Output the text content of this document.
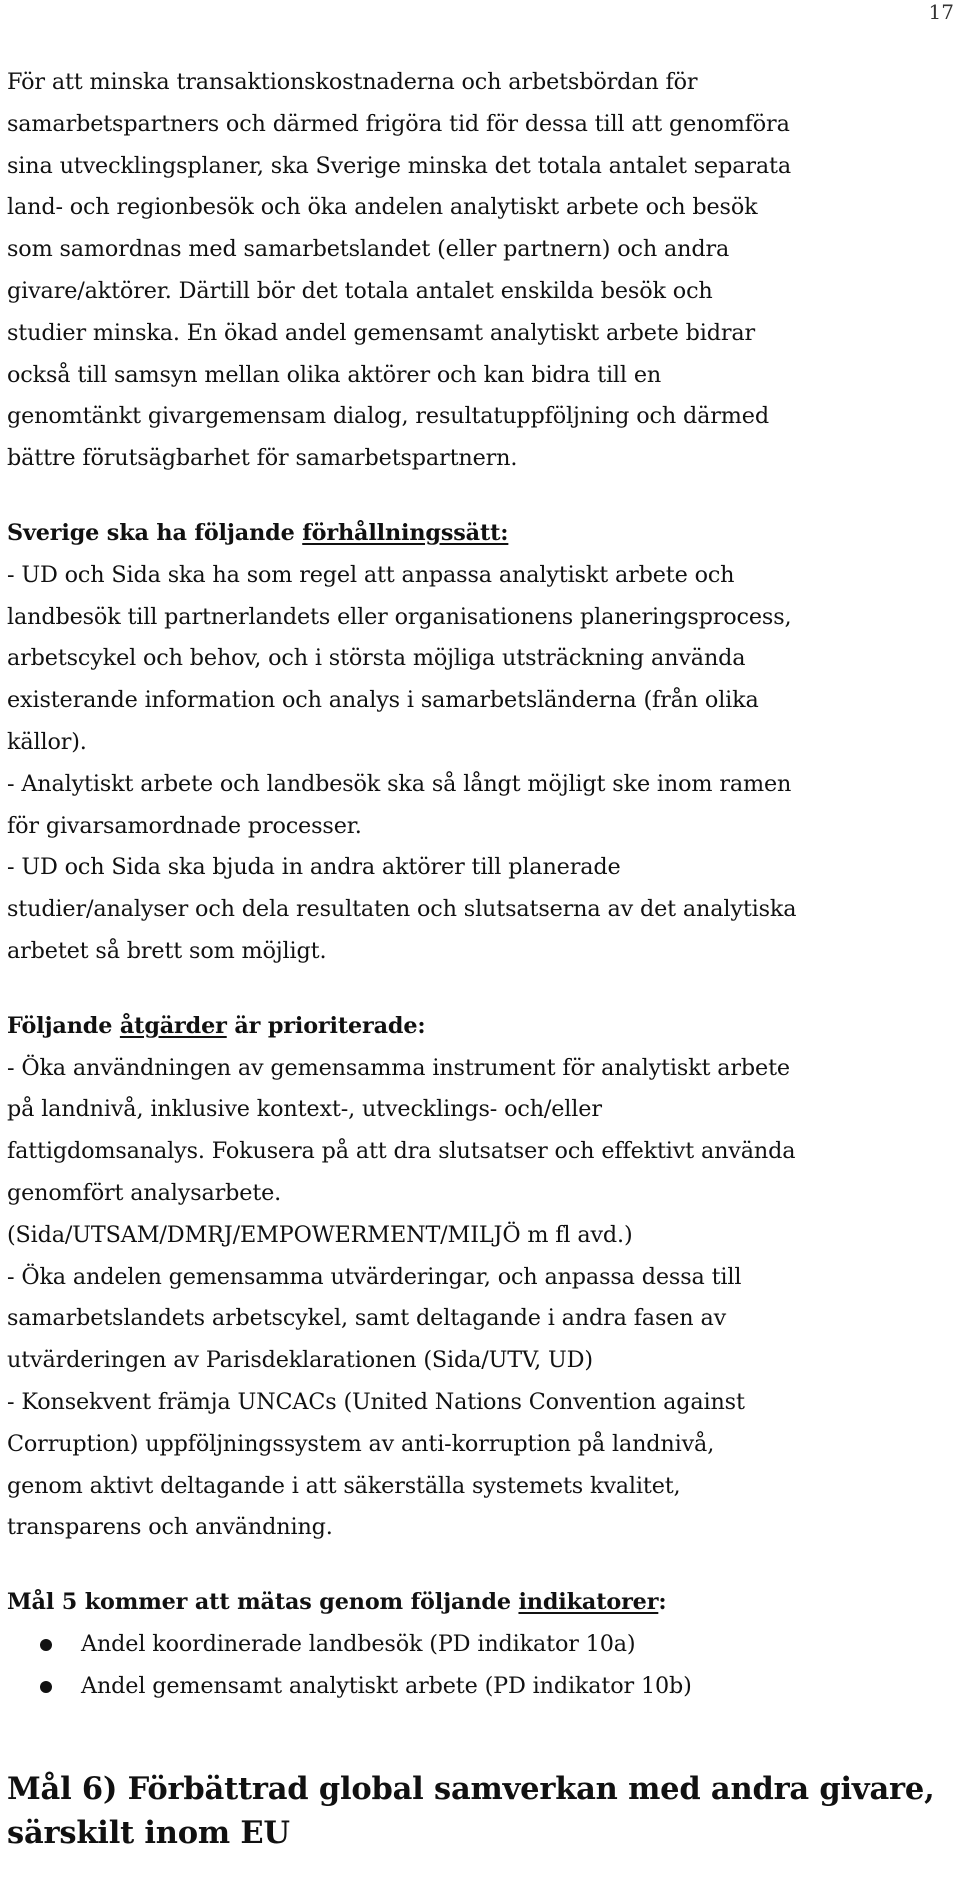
17

För att minska transaktionskostnaderna och arbetsbördan för
samarbetspartners och därmed frigöra tid för dessa till att genomföra
sina utvecklingsplaner, ska Sverige minska det totala antalet separata
land- och regionbesök och öka andelen analytiskt arbete och besök
som samordnas med samarbetslandet (eller partnern) och andra
givare/aktörer. Därtill bör det totala antalet enskilda besök och
studier minska. En ökad andel gemensamt analytiskt arbete bidrar
också till samsyn mellan olika aktörer och kan bidra till en
genomtänkt givargemensam dialog, resultatuppföljning och därmed
bättre förutsägbarhet för samarbetspartnern.

Sverige ska ha följande förhållningssätt:

- UD och Sida ska ha som regel att anpassa analytiskt arbete och
landbesök till partnerlandets eller organisationens planeringsprocess,
arbetscykel och behov, och i största möjliga utsträckning använda
existerande information och analys i samarbetsländerna (från olika
källor).
- Analytiskt arbete och landbesök ska så långt möjligt ske inom ramen
för givarsamordnade processer.
- UD och Sida ska bjuda in andra aktörer till planerade
studier/analyser och dela resultaten och slutsatserna av det analytiska
arbetet så brett som möjligt.

Följande åtgärder är prioriterade:

- Öka användningen av gemensamma instrument för analytiskt arbete
på landnivå, inklusive kontext-, utvecklings- och/eller
fattigdomsanalys. Fokusera på att dra slutsatser och effektivt använda
genomfört analysarbete.
(Sida/UTSAM/DMRJ/EMPOWERMENT/MILJÖ m fl avd.)
- Öka andelen gemensamma utvärderingar, och anpassa dessa till
samarbetslandets arbetscykel, samt deltagande i andra fasen av
utvärderingen av Parisdeklarationen (Sida/UTV, UD)
- Konsekvent främja UNCACs (United Nations Convention against
Corruption) uppföljningssystem av anti-korruption på landnivå,
genom aktivt deltagande i att säkerställa systemets kvalitet,
transparens och användning.

Mål 5 kommer att mätas genom följande indikatorer:
Andel koordinerade landbesök (PD indikator 10a)
Andel gemensamt analytiskt arbete (PD indikator 10b)
Mål 6) Förbättrad global samverkan med andra givare,
särskilt inom EU
